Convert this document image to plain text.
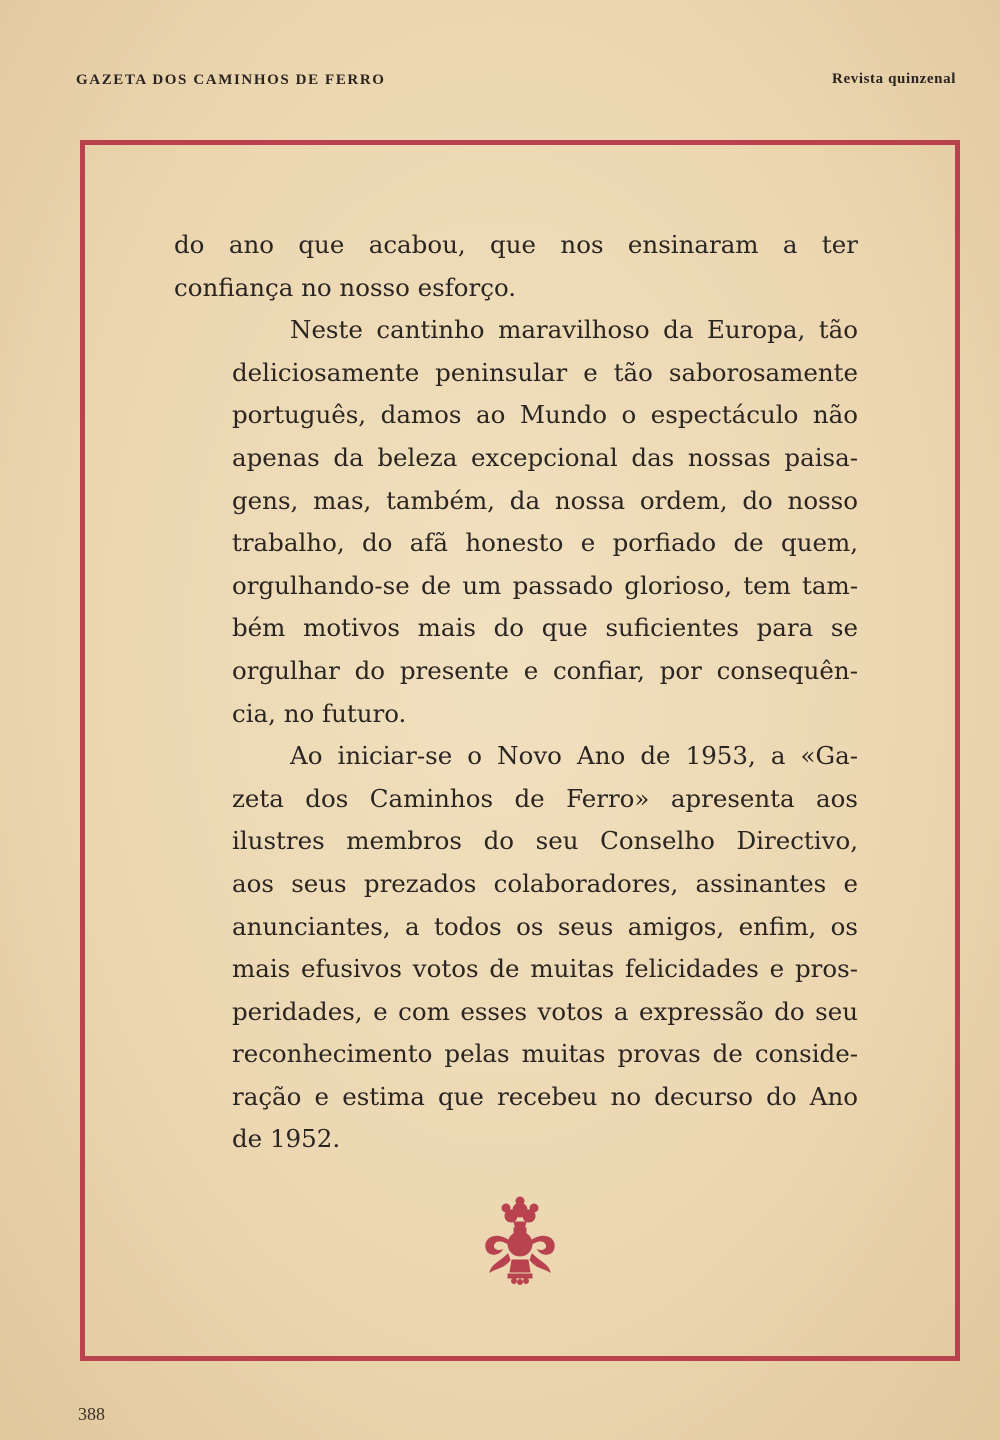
GAZETA DOS CAMINHOS DE FERRO	Revista quinzenal

do ano que acabou, que nos ensinaram a ter
confiança no nosso esforço.

Neste cantinho maravilhoso da Europa, tão
deliciosamente peninsular e tão saborosamente
português, damos ao Mundo o espectáculo não
apenas da beleza excepcional das nossas paisa-
gens, mas, também, da nossa ordem, do nosso
trabalho, do afã honesto e porfiado de quem,
orgulhando-se de um passado glorioso, tem tam-
bém motivos mais do que suficientes para se
orgulhar do presente e confiar, por consequên-
cia, no futuro.

Ao iniciar-se o Novo Ano de 1953, a «Ga-
zeta dos Caminhos de Ferro» apresenta aos
ilustres membros do seu Conselho Directivo,
aos seus prezados colaboradores, assinantes e
anunciantes, a todos os seus amigos, enfim, os
mais efusivos votos de muitas felicidades e pros-
peridades, e com esses votos a expressão do seu
reconhecimento pelas muitas provas de conside-
ração e estima que recebeu no decurso do Ano
de 1952.

388
